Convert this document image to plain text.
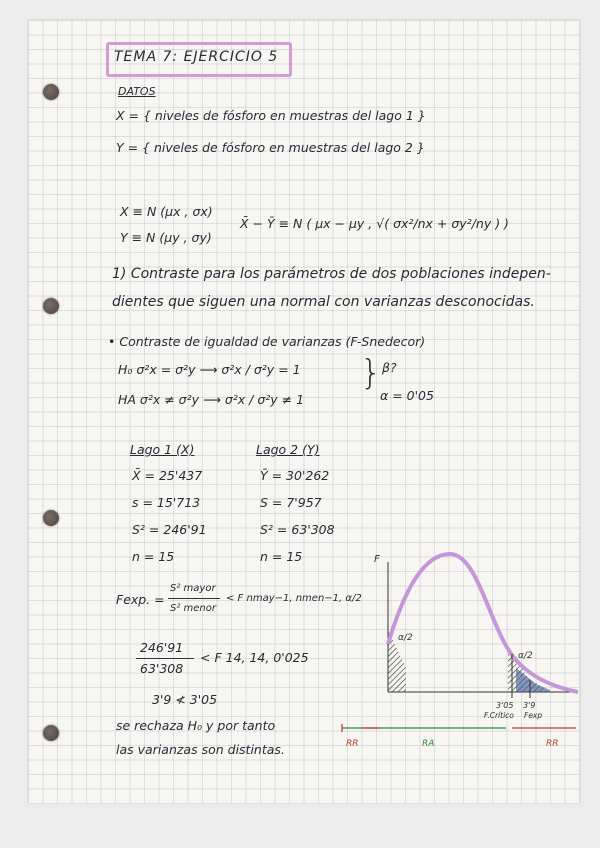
TEMA 7: EJERCICIO 5
DATOS
X = { niveles de fósforo en muestras del lago 1 }
Y = { niveles de fósforo en muestras del lago 2 }
X ≡ N (μx , σx)
Y ≡ N (μy , σy)
X̄ − Ȳ ≡ N ( μx − μy , √( σx²/nx + σy²/ny ) )
1) Contraste para los parámetros de dos poblaciones indepen-
dientes que siguen una normal con varianzas desconocidas.
• Contraste de igualdad de varianzas (F-Snedecor)
H₀ σ²x = σ²y ⟶ σ²x / σ²y = 1
HA σ²x ≠ σ²y ⟶ σ²x / σ²y ≠ 1
} β?
α = 0'05
Lago 1 (X)
X̄ = 25'437
s = 15'713
S² = 246'91
n = 15
Lago 2 (Y)
Ȳ = 30'262
S = 7'957
S² = 63'308
n = 15
Fexp. =
S² mayor
S² menor
< F nmay−1, nmen−1, α/2
246'91
63'308
< F 14, 14, 0'025
3'9 ≮ 3'05
se rechaza H₀ y por tanto
las varianzas son distintas.
F
α/2
α/2
3'05 3'9
F.Crítico Fexp
RR	RA	RR
